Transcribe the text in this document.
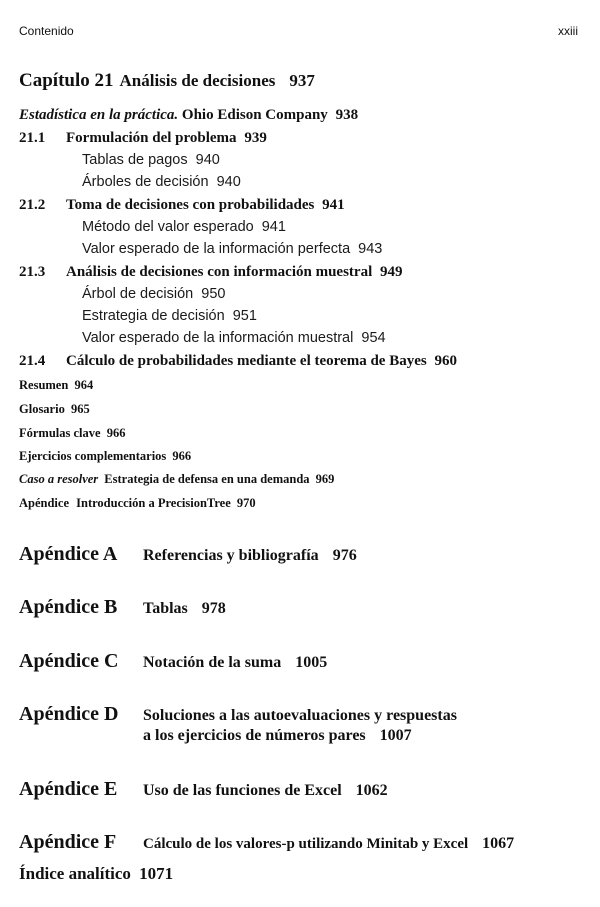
Contenido	xxiii
Capítulo 21 Análisis de decisiones 937
Estadística en la práctica. Ohio Edison Company 938
21.1 Formulación del problema 939
Tablas de pagos 940
Árboles de decisión 940
21.2 Toma de decisiones con probabilidades 941
Método del valor esperado 941
Valor esperado de la información perfecta 943
21.3 Análisis de decisiones con información muestral 949
Árbol de decisión 950
Estrategia de decisión 951
Valor esperado de la información muestral 954
21.4 Cálculo de probabilidades mediante el teorema de Bayes 960
Resumen 964
Glosario 965
Fórmulas clave 966
Ejercicios complementarios 966
Caso a resolver Estrategia de defensa en una demanda 969
Apéndice Introducción a PrecisionTree 970
Apéndice A Referencias y bibliografía 976
Apéndice B Tablas 978
Apéndice C Notación de la suma 1005
Apéndice D Soluciones a las autoevaluaciones y respuestas
a los ejercicios de números pares 1007
Apéndice E Uso de las funciones de Excel 1062
Apéndice F Cálculo de los valores-p utilizando Minitab y Excel 1067
Índice analítico 1071
